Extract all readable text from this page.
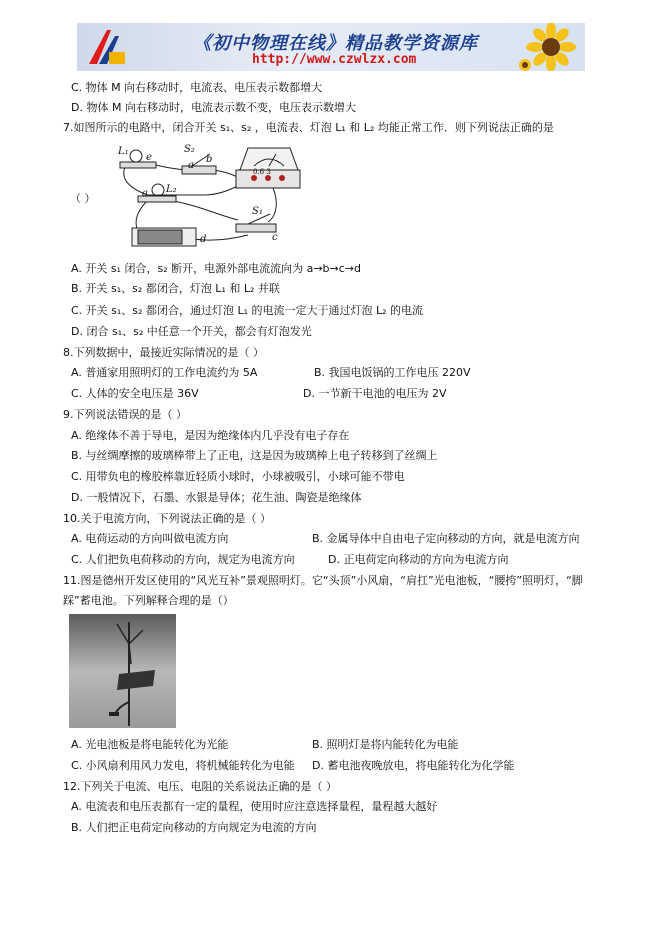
《初中物理在线》精品教学资源库
http://www.czwlzx.com
C. 物体 M 向右移动时，电流表、电压表示数都增大
D. 物体 M 向右移动时，电流表示数不变，电压表示数增大
7.如图所示的电路中，闭合开关 s₁、s₂ ，电流表、灯泡 L₁ 和 L₂ 均能正常工作．则下列说法正确的是
（ ）
L₁
e
S₂
b
a L₂
a
S₁
c
d
0.6 3
A. 开关 s₁ 闭合，s₂ 断开，电源外部电流流向为 a→b→c→d
B. 开关 s₁、s₂ 都闭合，灯泡 L₁ 和 L₂ 并联
C. 开关 s₁、s₂ 都闭合，通过灯泡 L₁ 的电流一定大于通过灯泡 L₂ 的电流
D. 闭合 s₁、s₂ 中任意一个开关，都会有灯泡发光
8.下列数据中，最接近实际情况的是（ ）
A. 普通家用照明灯的工作电流约为 5A	B. 我国电饭锅的工作电压 220V
C. 人体的安全电压是 36V	D. 一节新干电池的电压为 2V
9.下列说法错误的是（ ）
A. 绝缘体不善于导电，是因为绝缘体内几乎没有电子存在
B. 与丝绸摩擦的玻璃棒带上了正电，这是因为玻璃棒上电子转移到了丝绸上
C. 用带负电的橡胶棒靠近轻质小球时，小球被吸引，小球可能不带电
D. 一般情况下，石墨、水银是导体；花生油、陶瓷是绝缘体
10.关于电流方向，下列说法正确的是（ ）
A. 电荷运动的方向叫做电流方向	B. 金属导体中自由电子定向移动的方向，就是电流方向
C. 人们把负电荷移动的方向，规定为电流方向	D. 正电荷定向移动的方向为电流方向
11.图是德州开发区使用的“风光互补”景观照明灯。它“头顶”小风扇，“肩扛”光电池板，“腰挎”照明灯，“脚
踩”蓄电池。下列解释合理的是（）
A. 光电池板是将电能转化为光能	B. 照明灯是将内能转化为电能
C. 小风扇利用风力发电，将机械能转化为电能 D. 蓄电池夜晚放电，将电能转化为化学能
12.下列关于电流、电压、电阻的关系说法正确的是（ ）
A. 电流表和电压表都有一定的量程，使用时应注意选择量程，量程越大越好
B. 人们把正电荷定向移动的方向规定为电流的方向
